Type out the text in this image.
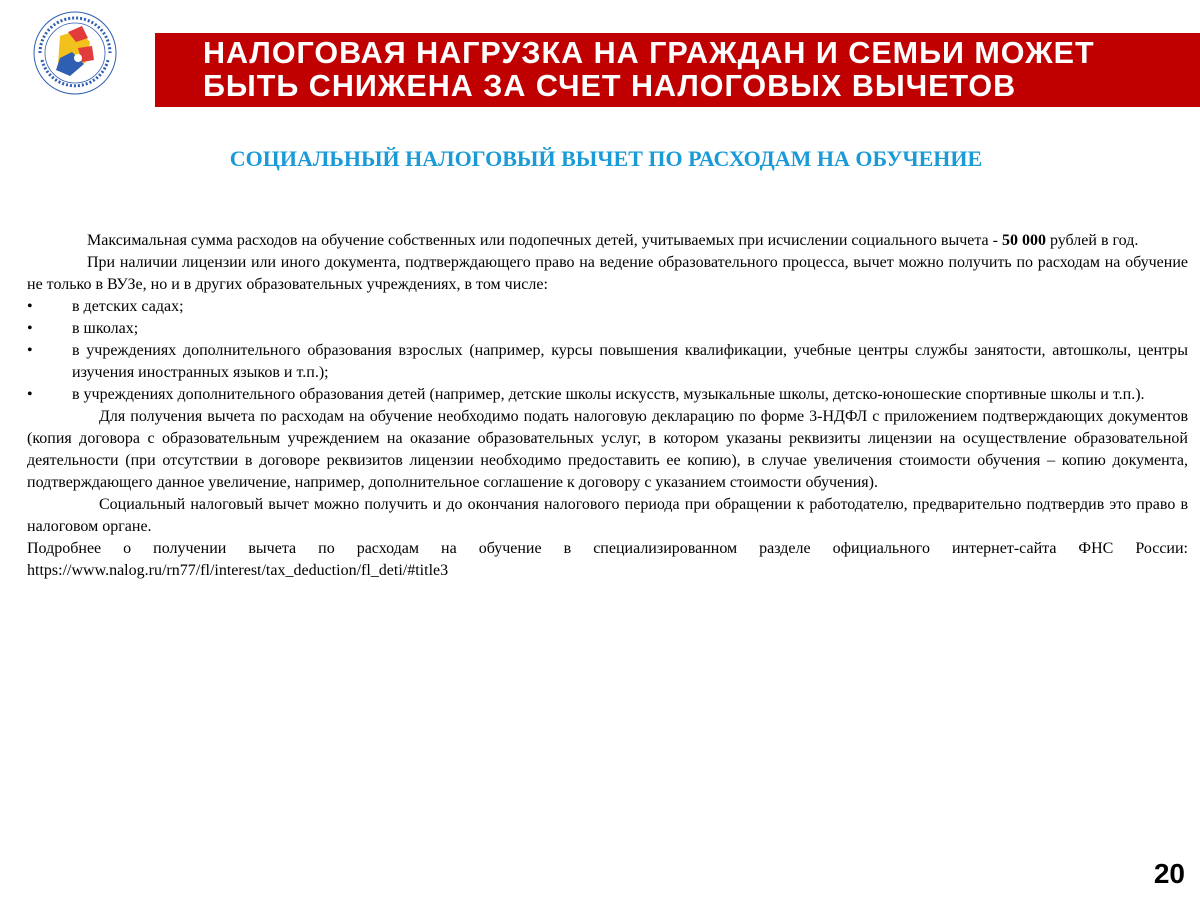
НАЛОГОВАЯ НАГРУЗКА НА ГРАЖДАН И СЕМЬИ МОЖЕТ
БЫТЬ СНИЖЕНА ЗА СЧЕТ НАЛОГОВЫХ ВЫЧЕТОВ
СОЦИАЛЬНЫЙ НАЛОГОВЫЙ ВЫЧЕТ ПО РАСХОДАМ НА ОБУЧЕНИЕ

Максимальная сумма расходов на обучение собственных или подопечных детей, учитываемых при исчислении социального вычета - 50 000 рублей в год.

При наличии лицензии или иного документа, подтверждающего право на ведение образовательного процесса, вычет можно получить по расходам на обучение не только в ВУЗе, но и в других образовательных учреждениях, в том числе:

• в детских садах;
• в школах;
• в учреждениях дополнительного образования взрослых (например, курсы повышения квалификации, учебные центры службы занятости, автошколы, центры изучения иностранных языков и т.п.);
• в учреждениях дополнительного образования детей (например, детские школы искусств, музыкальные школы, детско-юношеские спортивные школы и т.п.).

Для получения вычета по расходам на обучение необходимо подать налоговую декларацию по форме 3-НДФЛ с приложением подтверждающих документов (копия договора с образовательным учреждением на оказание образовательных услуг, в котором указаны реквизиты лицензии на осуществление образовательной деятельности (при отсутствии в договоре реквизитов лицензии необходимо предоставить ее копию), в случае увеличения стоимости обучения – копию документа, подтверждающего данное увеличение, например, дополнительное соглашение к договору с указанием стоимости обучения).

Социальный налоговый вычет можно получить и до окончания налогового периода при обращении к работодателю, предварительно подтвердив это право в налоговом органе.

Подробнее о получении вычета по расходам на обучение в специализированном разделе официального интернет-сайта ФНС России: https://www.nalog.ru/rn77/fl/interest/tax_deduction/fl_deti/#title3

20
